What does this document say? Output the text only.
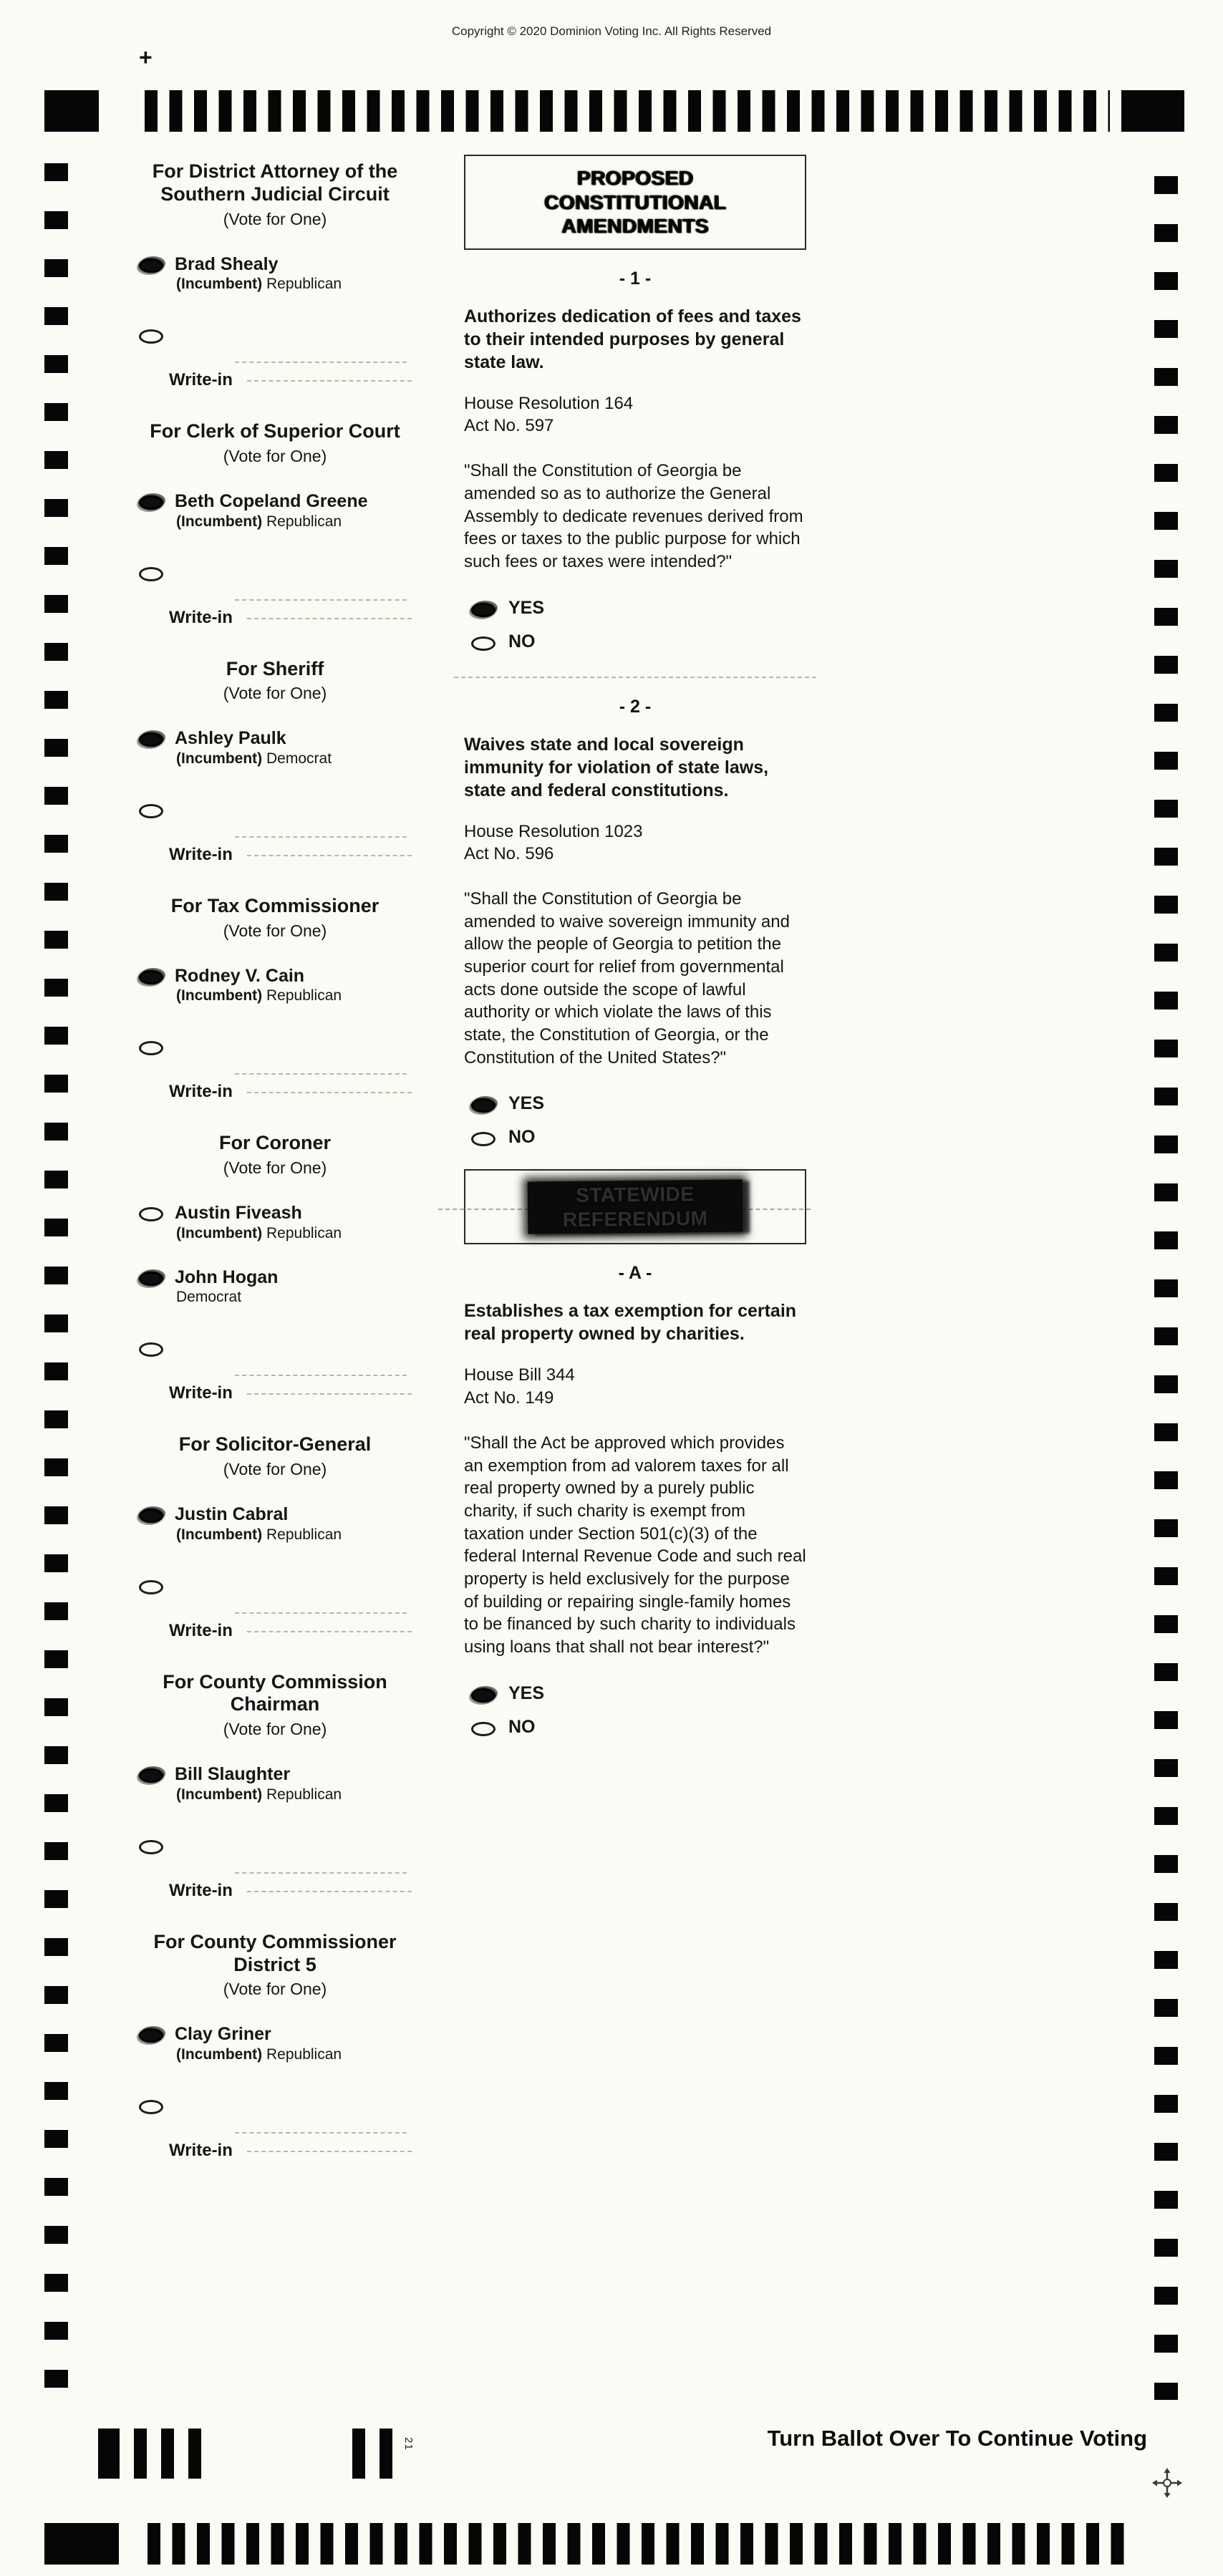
Copyright © 2020 Dominion Voting Inc. All Rights Reserved
+
For District Attorney of the Southern Judicial Circuit
(Vote for One)
Brad Shealy
(Incumbent) Republican
Write-in
For Clerk of Superior Court
(Vote for One)
Beth Copeland Greene
(Incumbent) Republican
Write-in
For Sheriff
(Vote for One)
Ashley Paulk
(Incumbent) Democrat
Write-in
For Tax Commissioner
(Vote for One)
Rodney V. Cain
(Incumbent) Republican
Write-in
For Coroner
(Vote for One)
Austin Fiveash
(Incumbent) Republican
John Hogan
Democrat
Write-in
For Solicitor-General
(Vote for One)
Justin Cabral
(Incumbent) Republican
Write-in
For County Commission Chairman
(Vote for One)
Bill Slaughter
(Incumbent) Republican
Write-in
For County Commissioner District 5
(Vote for One)
Clay Griner
(Incumbent) Republican
Write-in
PROPOSED CONSTITUTIONAL AMENDMENTS
- 1 -

Authorizes dedication of fees and taxes to their intended purposes by general state law.

House Resolution 164
Act No. 597

"Shall the Constitution of Georgia be amended so as to authorize the General Assembly to dedicate revenues derived from fees or taxes to the public purpose for which such fees or taxes were intended?"

YES
NO
- 2 -

Waives state and local sovereign immunity for violation of state laws, state and federal constitutions.

House Resolution 1023
Act No. 596

"Shall the Constitution of Georgia be amended to waive sovereign immunity and allow the people of Georgia to petition the superior court for relief from governmental acts done outside the scope of lawful authority or which violate the laws of this state, the Constitution of Georgia, or the Constitution of the United States?"

YES
NO
STATEWIDE REFERENDUM
- A -

Establishes a tax exemption for certain real property owned by charities.

House Bill 344
Act No. 149

"Shall the Act be approved which provides an exemption from ad valorem taxes for all real property owned by a purely public charity, if such charity is exempt from taxation under Section 501(c)(3) of the federal Internal Revenue Code and such real property is held exclusively for the purpose of building or repairing single-family homes to be financed by such charity to individuals using loans that shall not bear interest?"

YES
NO
21	Turn Ballot Over To Continue Voting
